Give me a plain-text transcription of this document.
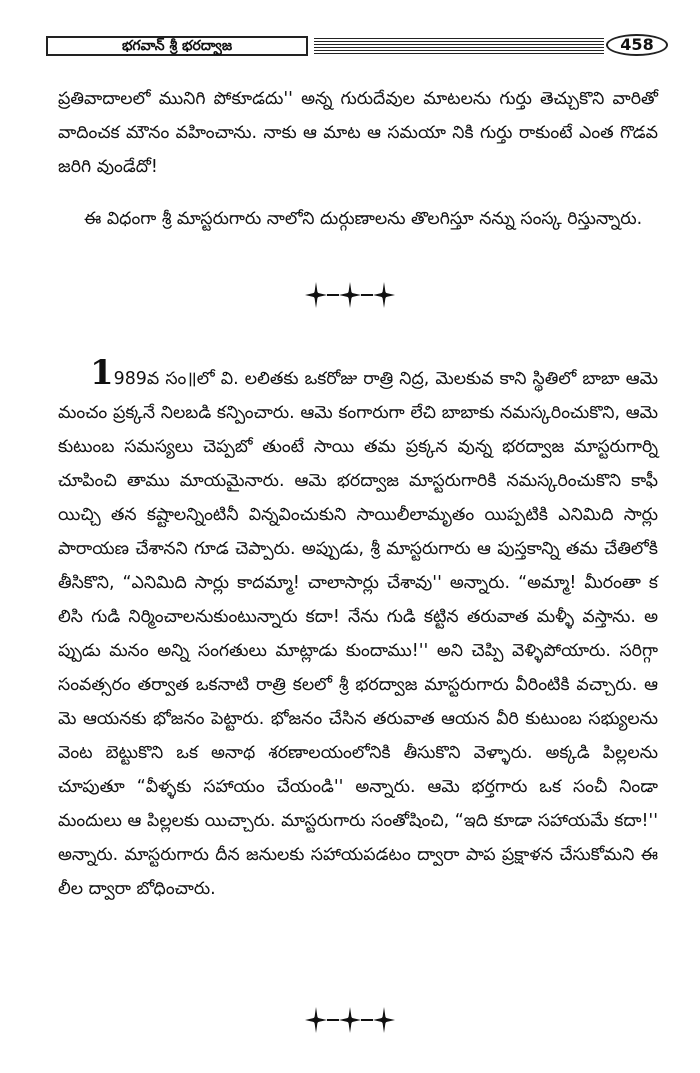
భగవాన్ శ్రీ భరద్వాజ	458

ప్రతివాదాలలో మునిగి పోకూడదు'' అన్న గురుదేవుల మాటలను గుర్తు తెచ్చుకొని వారితో వాదించక మౌనం వహించాను. నాకు ఆ మాట ఆ సమయా నికి గుర్తు రాకుంటే ఎంత గొడవ జరిగి వుండేదో!

ఈ విధంగా శ్రీ మాస్టరుగారు నాలోని దుర్గుణాలను తొలగిస్తూ నన్ను సంస్క రిస్తున్నారు.

1989వ సం॥లో వి. లలితకు ఒకరోజు రాత్రి నిద్ర, మెలకువ కాని స్థితిలో బాబా ఆమె మంచం ప్రక్కనే నిలబడి కన్పించారు. ఆమె కంగారుగా లేచి బాబాకు నమస్కరించుకొని, ఆమె కుటుంబ సమస్యలు చెప్పబో తుంటే సాయి తమ ప్రక్కన వున్న భరద్వాజ మాస్టరుగార్ని చూపించి తాము మాయమైనారు. ఆమె భరద్వాజ మాస్టరుగారికి నమస్కరించుకొని కాఫీ యిచ్చి తన కష్టాలన్నింటినీ విన్నవించుకుని సాయిలీలామృతం యిప్పటికి ఎనిమిది సార్లు పారాయణ చేశానని గూడ చెప్పారు. అప్పుడు, శ్రీ మాస్టరుగారు ఆ పుస్తకాన్ని తమ చేతిలోకి తీసికొని, “ఎనిమిది సార్లు కాదమ్మా! చాలాసార్లు చేశావు'' అన్నారు. “అమ్మా! మీరంతా కలిసి గుడి నిర్మించాలనుకుంటున్నారు కదా! నేను గుడి కట్టిన తరువాత మళ్ళీ వస్తాను. అప్పుడు మనం అన్ని సంగతులు మాట్లాడు కుందాము!'' అని చెప్పి వెళ్ళిపోయారు. సరిగ్గా సంవత్సరం తర్వాత ఒకనాటి రాత్రి కలలో శ్రీ భరద్వాజ మాస్టరుగారు వీరింటికి వచ్చారు. ఆమె ఆయనకు భోజనం పెట్టారు. భోజనం చేసిన తరువాత ఆయన వీరి కుటుంబ సభ్యులను వెంట బెట్టుకొని ఒక అనాథ శరణాలయంలోనికి తీసుకొని వెళ్ళారు. అక్కడి పిల్లలను చూపుతూ “వీళ్ళకు సహాయం చేయండి'' అన్నారు. ఆమె భర్తగారు ఒక సంచీ నిండా మందులు ఆ పిల్లలకు యిచ్చారు. మాస్టరుగారు సంతోషించి, “ఇది కూడా సహాయమే కదా!'' అన్నారు. మాస్టరుగారు దీన జనులకు సహాయపడటం ద్వారా పాప ప్రక్షాళన చేసుకోమని ఈ లీల ద్వారా బోధించారు.
